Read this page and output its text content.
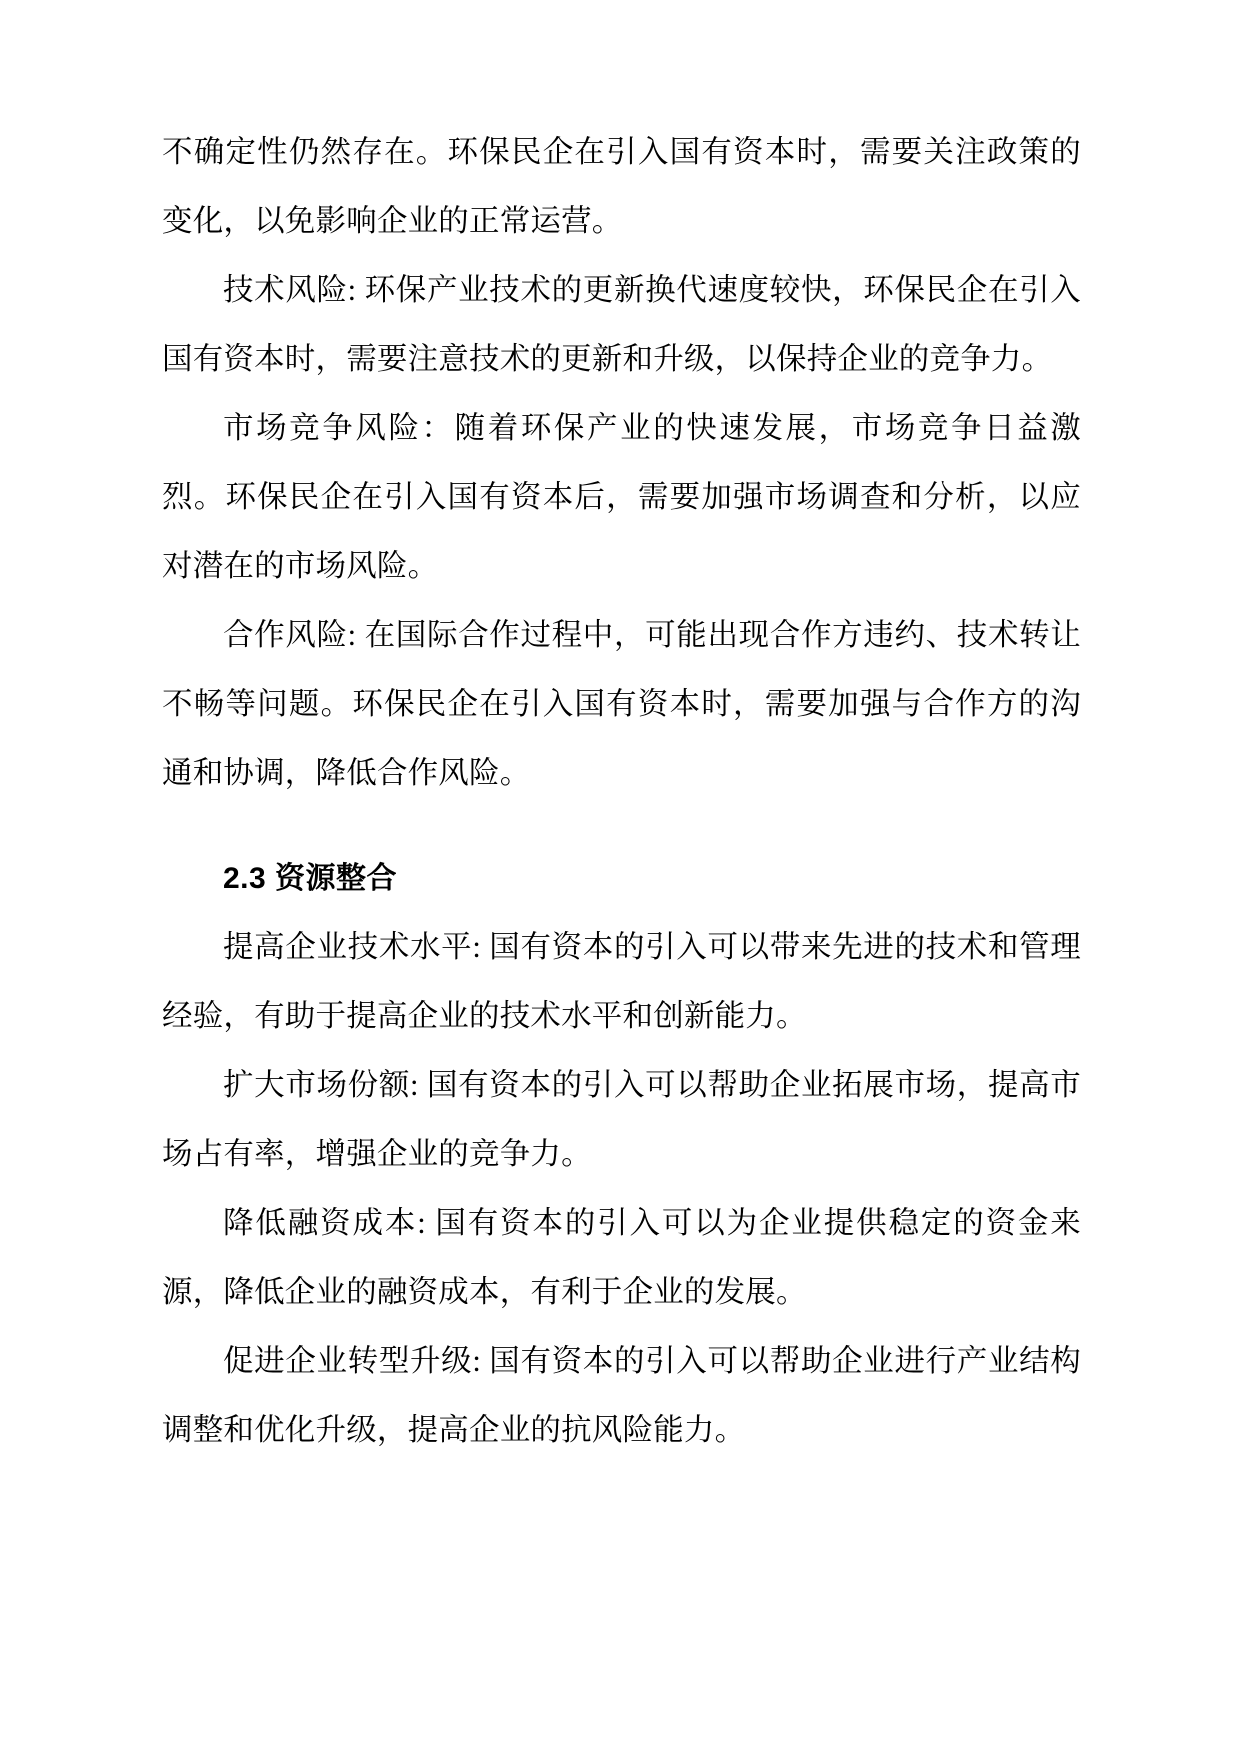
不确定性仍然存在。环保民企在引入国有资本时，需要关注政策的变化，以免影响企业的正常运营。

技术风险: 环保产业技术的更新换代速度较快，环保民企在引入国有资本时，需要注意技术的更新和升级，以保持企业的竞争力。

市场竞争风险：随着环保产业的快速发展，市场竞争日益激烈。环保民企在引入国有资本后，需要加强市场调查和分析，以应对潜在的市场风险。

合作风险: 在国际合作过程中，可能出现合作方违约、技术转让不畅等问题。环保民企在引入国有资本时，需要加强与合作方的沟通和协调，降低合作风险。

2.3 资源整合

提高企业技术水平: 国有资本的引入可以带来先进的技术和管理经验，有助于提高企业的技术水平和创新能力。

扩大市场份额: 国有资本的引入可以帮助企业拓展市场，提高市场占有率，增强企业的竞争力。

降低融资成本: 国有资本的引入可以为企业提供稳定的资金来源，降低企业的融资成本，有利于企业的发展。

促进企业转型升级: 国有资本的引入可以帮助企业进行产业结构调整和优化升级，提高企业的抗风险能力。
